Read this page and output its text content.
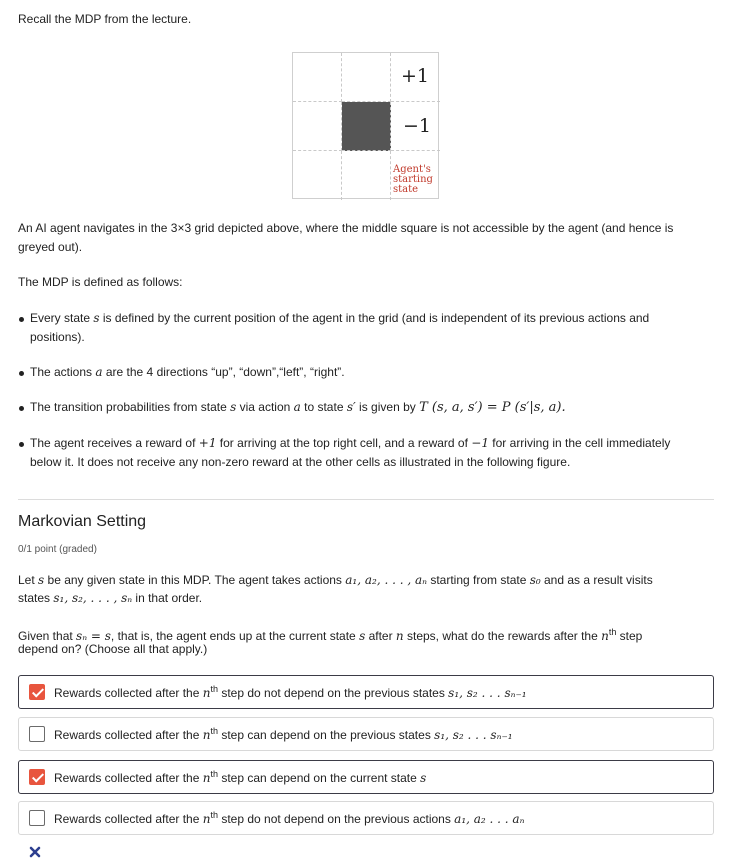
Recall the MDP from the lecture.
+1
−1
Agent's
starting
state
An AI agent navigates in the 3×3 grid depicted above, where the middle square is not accessible by the agent (and hence is
greyed out).
The MDP is defined as follows:
Every state s is defined by the current position of the agent in the grid (and is independent of its previous actions and
positions).
The actions a are the 4 directions “up”, “down”,“left”, “right”.
The transition probabilities from state s via action a to state s′ is given by T (s, a, s′) = P (s′|s, a).
The agent receives a reward of +1 for arriving at the top right cell, and a reward of −1 for arriving in the cell immediately
below it. It does not receive any non-zero reward at the other cells as illustrated in the following figure.
Markovian Setting
0/1 point (graded)
Let s be any given state in this MDP. The agent takes actions a₁, a₂, . . . , aₙ starting from state s₀ and as a result visits
states s₁, s₂, . . . , sₙ in that order.
Given that sₙ = s, that is, the agent ends up at the current state s after n steps, what do the rewards after the $n^{th}$ step
depend on? (Choose all that apply.)
Rewards collected after the $n^{th}$ step do not depend on the previous states s₁, s₂ . . . sₙ₋₁
Rewards collected after the $n^{th}$ step can depend on the previous states s₁, s₂ . . . sₙ₋₁
Rewards collected after the $n^{th}$ step can depend on the current state s
Rewards collected after the $n^{th}$ step do not depend on the previous actions a₁, a₂ . . . aₙ
